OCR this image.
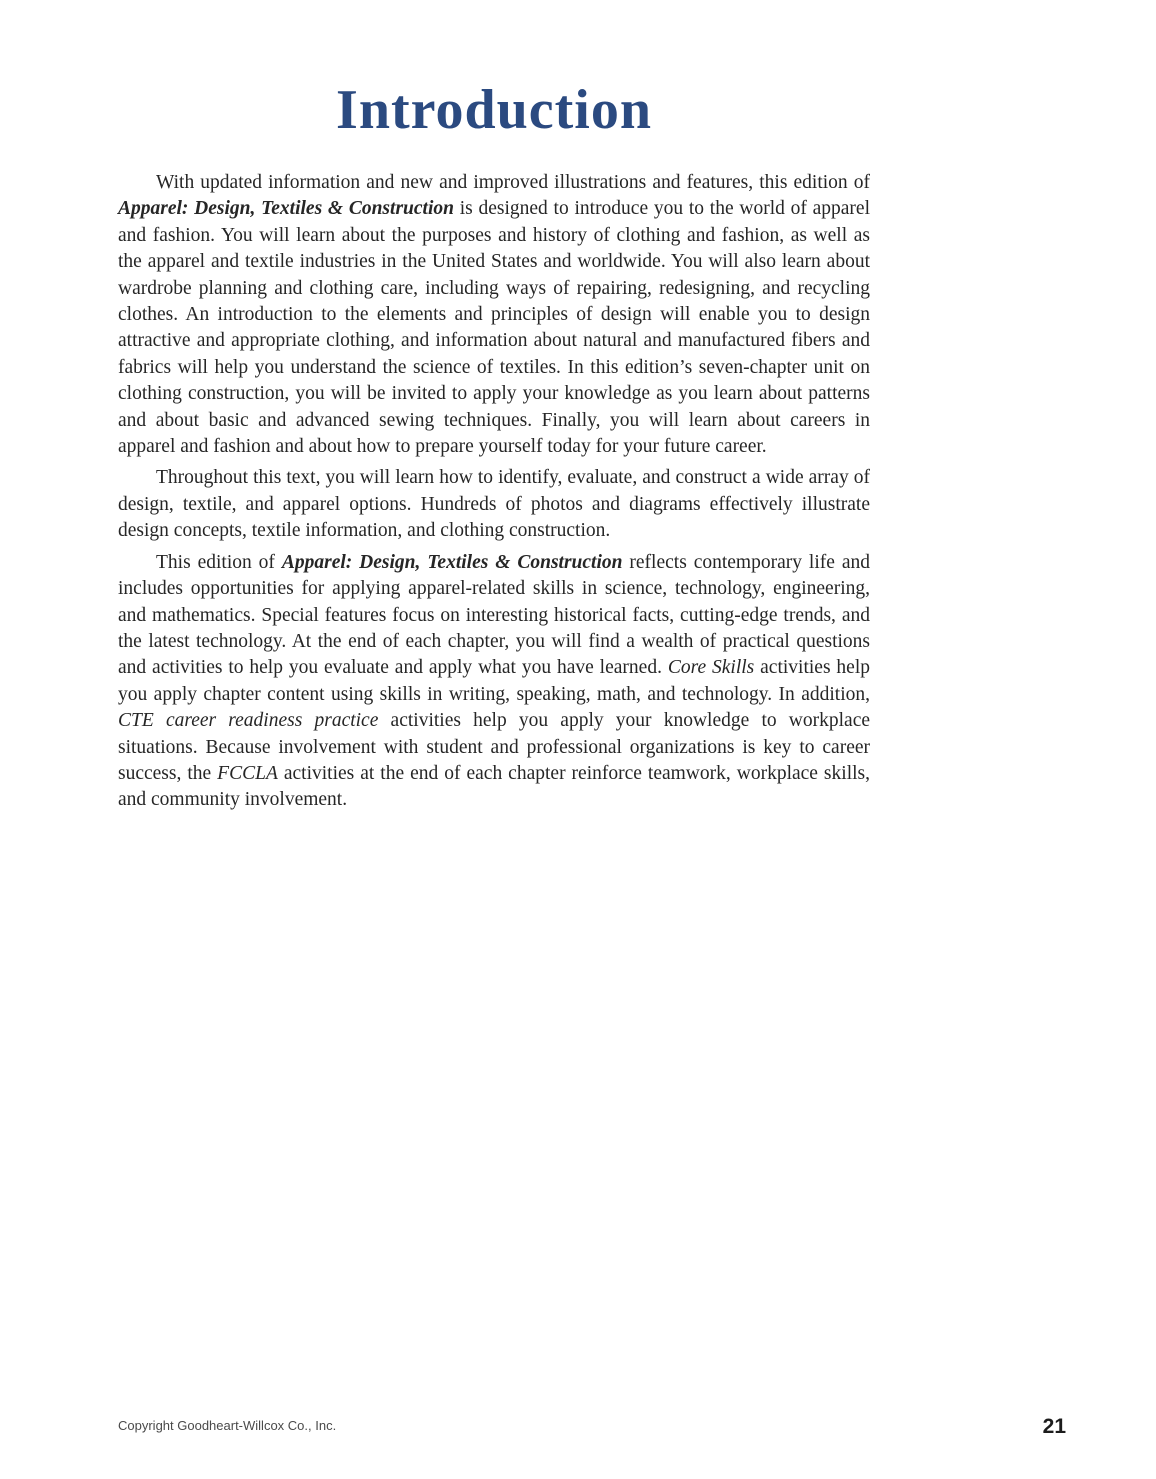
Introduction

With updated information and new and improved illustrations and features, this edition of Apparel: Design, Textiles & Construction is designed to introduce you to the world of apparel and fashion. You will learn about the purposes and history of clothing and fashion, as well as the apparel and textile industries in the United States and worldwide. You will also learn about wardrobe planning and clothing care, including ways of repairing, redesigning, and recycling clothes. An introduction to the elements and principles of design will enable you to design attractive and appropriate clothing, and information about natural and manufactured fibers and fabrics will help you understand the science of textiles. In this edition’s seven-chapter unit on clothing construction, you will be invited to apply your knowledge as you learn about patterns and about basic and advanced sewing techniques. Finally, you will learn about careers in apparel and fashion and about how to prepare yourself today for your future career.

Throughout this text, you will learn how to identify, evaluate, and construct a wide array of design, textile, and apparel options. Hundreds of photos and diagrams effectively illustrate design concepts, textile information, and clothing construction.

This edition of Apparel: Design, Textiles & Construction reflects contemporary life and includes opportunities for applying apparel-related skills in science, technology, engineering, and mathematics. Special features focus on interesting historical facts, cutting-edge trends, and the latest technology. At the end of each chapter, you will find a wealth of practical questions and activities to help you evaluate and apply what you have learned. Core Skills activities help you apply chapter content using skills in writing, speaking, math, and technology. In addition, CTE career readiness practice activities help you apply your knowledge to workplace situations. Because involvement with student and professional organizations is key to career success, the FCCLA activities at the end of each chapter reinforce teamwork, workplace skills, and community involvement.

Copyright Goodheart-Willcox Co., Inc.	21
